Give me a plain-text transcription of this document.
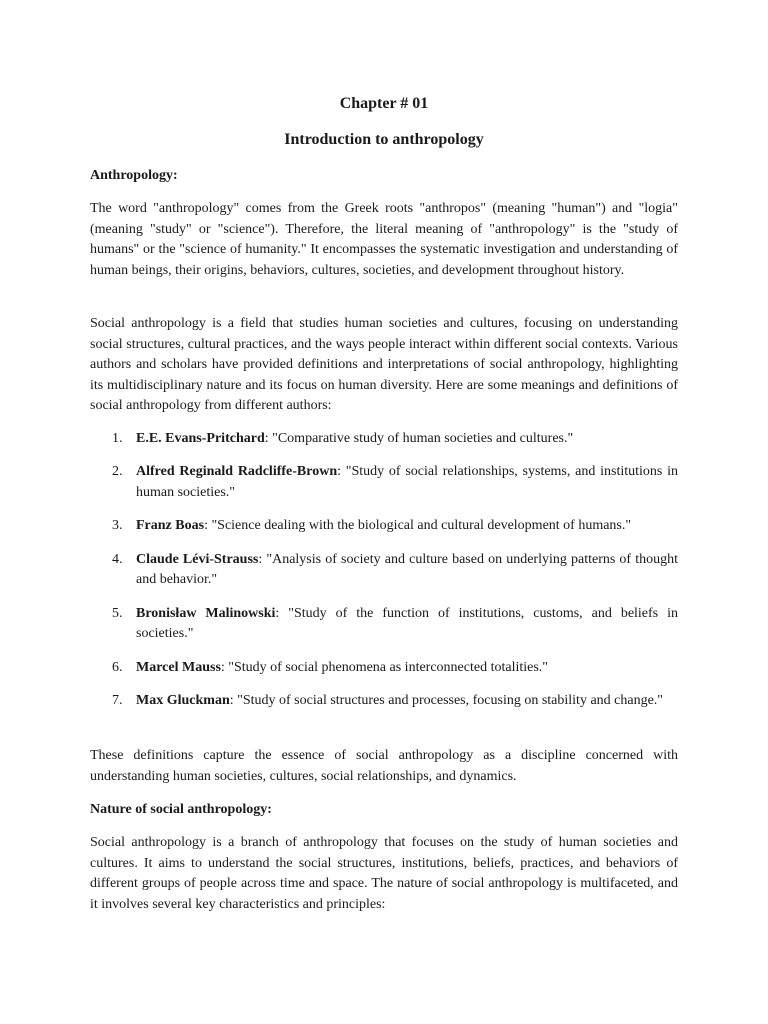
Chapter # 01
Introduction to anthropology
Anthropology:
The word "anthropology" comes from the Greek roots "anthropos" (meaning "human") and "logia" (meaning "study" or "science"). Therefore, the literal meaning of "anthropology" is the "study of humans" or the "science of humanity." It encompasses the systematic investigation and understanding of human beings, their origins, behaviors, cultures, societies, and development throughout history.
Social anthropology is a field that studies human societies and cultures, focusing on understanding social structures, cultural practices, and the ways people interact within different social contexts. Various authors and scholars have provided definitions and interpretations of social anthropology, highlighting its multidisciplinary nature and its focus on human diversity. Here are some meanings and definitions of social anthropology from different authors:
1. E.E. Evans-Pritchard: "Comparative study of human societies and cultures."
2. Alfred Reginald Radcliffe-Brown: "Study of social relationships, systems, and institutions in human societies."
3. Franz Boas: "Science dealing with the biological and cultural development of humans."
4. Claude Lévi-Strauss: "Analysis of society and culture based on underlying patterns of thought and behavior."
5. Bronisław Malinowski: "Study of the function of institutions, customs, and beliefs in societies."
6. Marcel Mauss: "Study of social phenomena as interconnected totalities."
7. Max Gluckman: "Study of social structures and processes, focusing on stability and change."
These definitions capture the essence of social anthropology as a discipline concerned with understanding human societies, cultures, social relationships, and dynamics.
Nature of social anthropology:
Social anthropology is a branch of anthropology that focuses on the study of human societies and cultures. It aims to understand the social structures, institutions, beliefs, practices, and behaviors of different groups of people across time and space. The nature of social anthropology is multifaceted, and it involves several key characteristics and principles:
